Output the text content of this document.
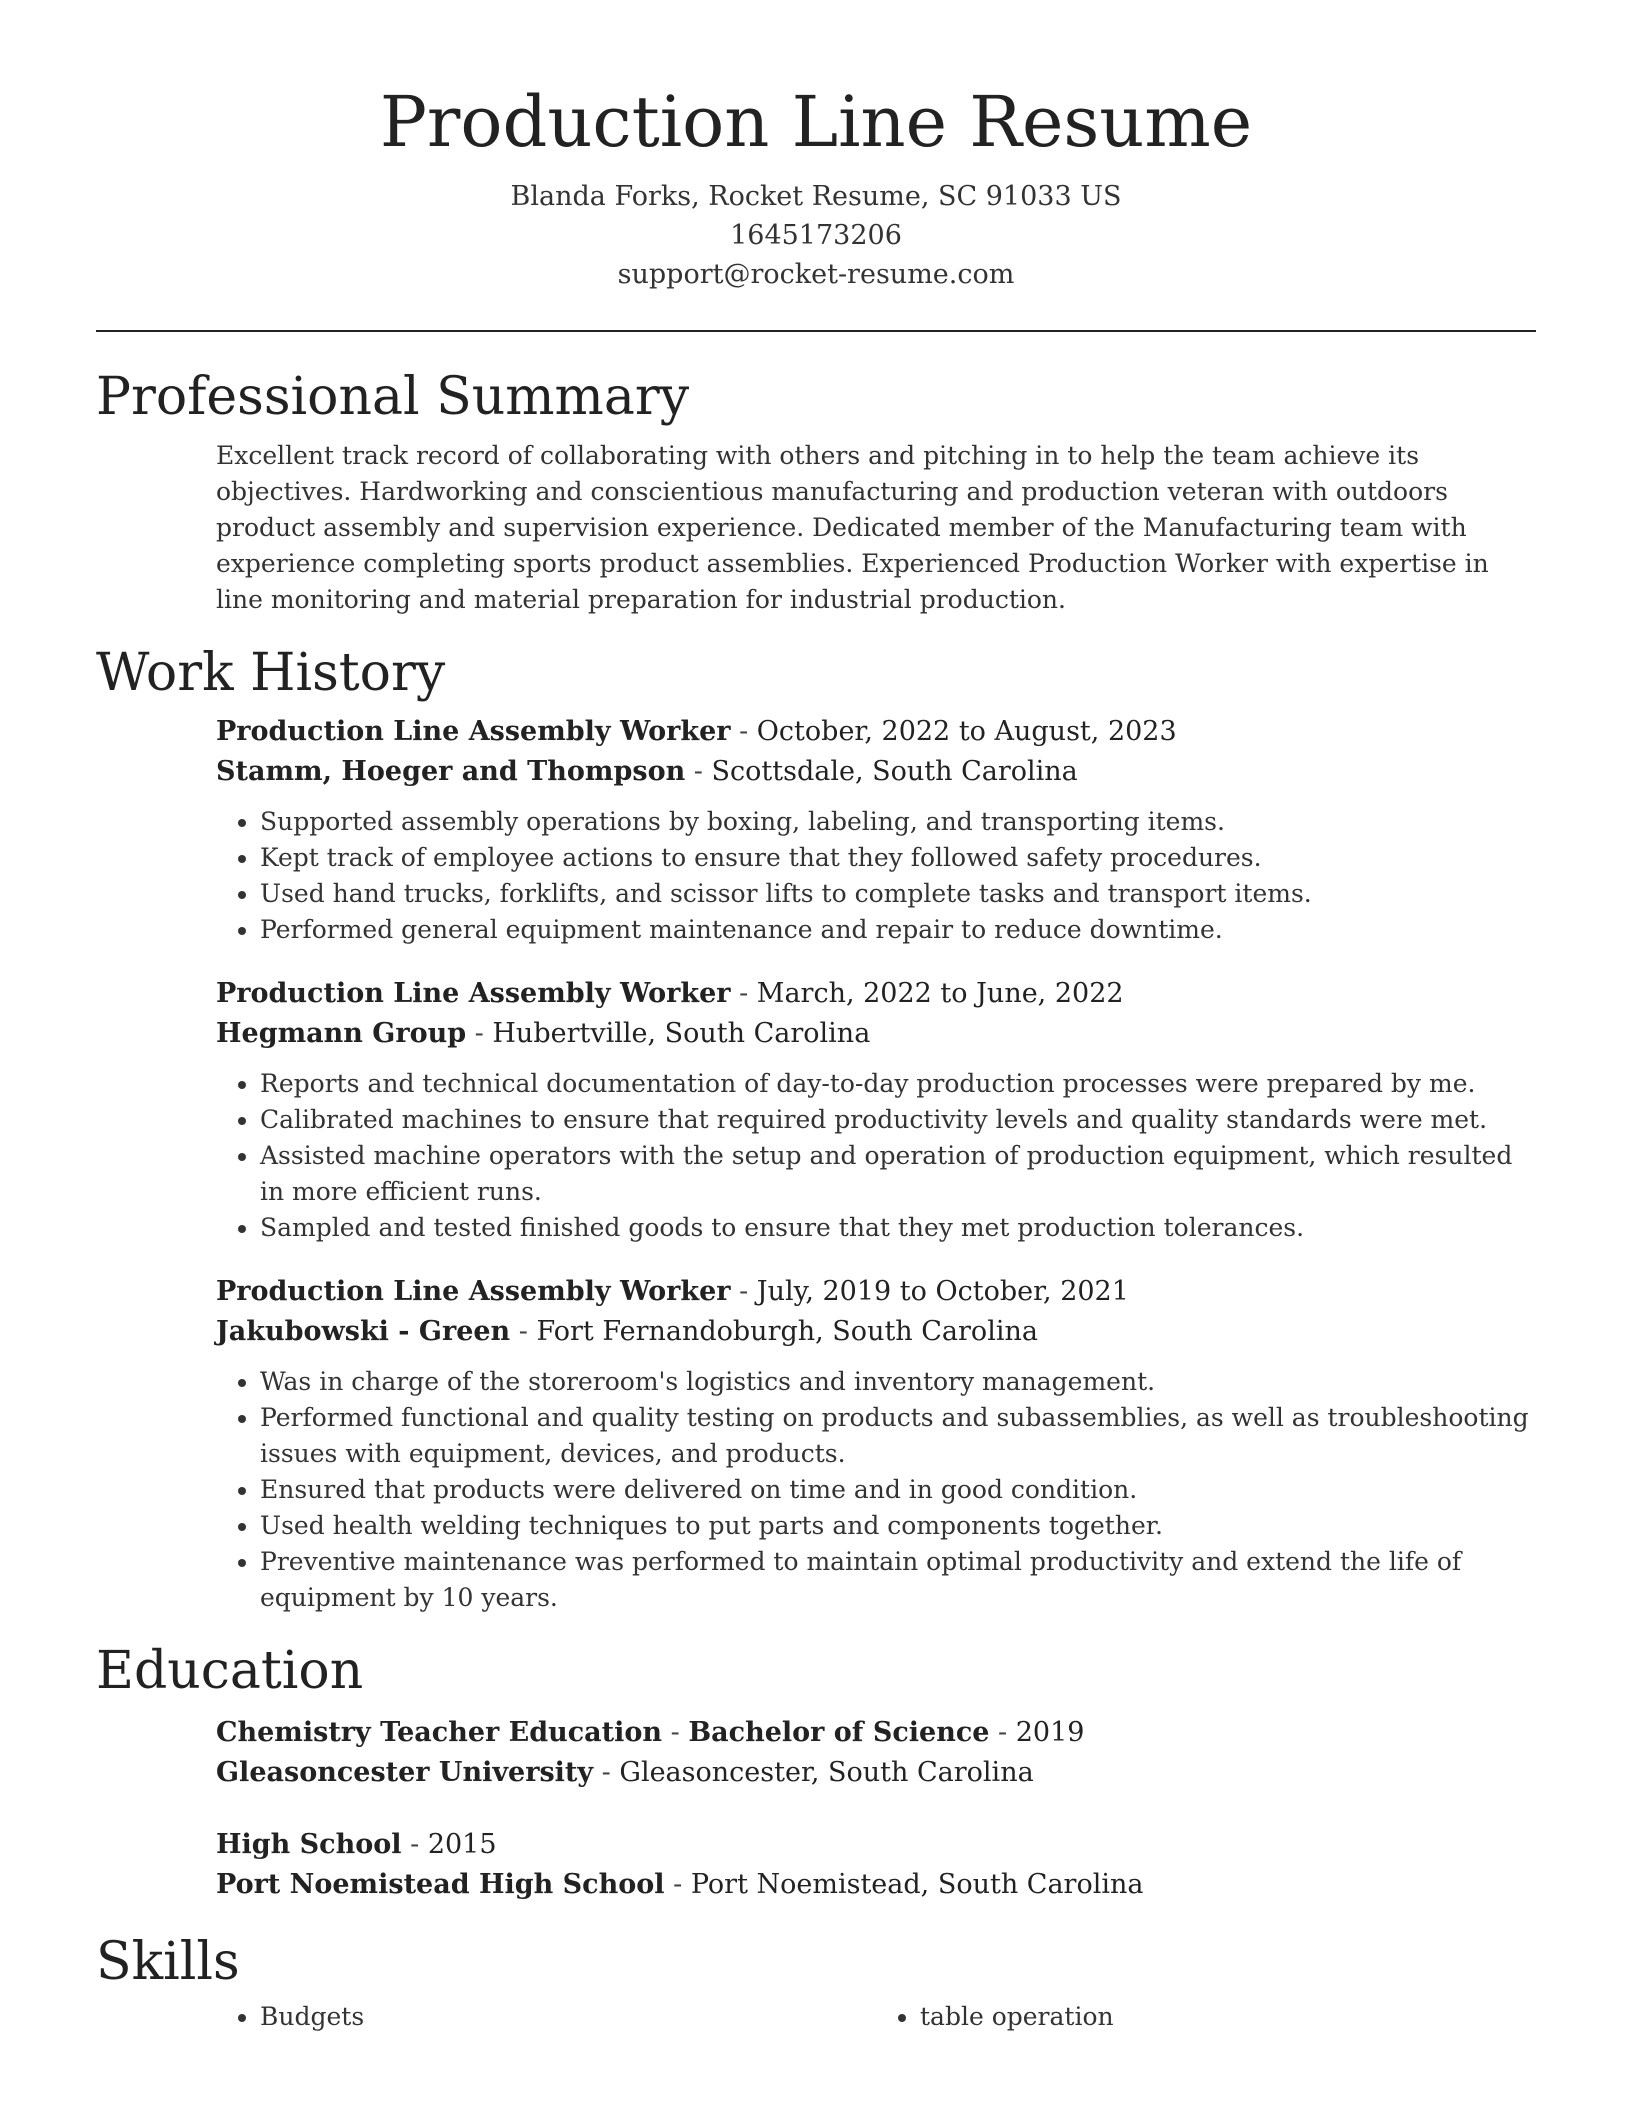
Production Line Resume
Blanda Forks, Rocket Resume, SC 91033 US
1645173206
support@rocket-resume.com
Professional Summary
Excellent track record of collaborating with others and pitching in to help the team achieve its objectives. Hardworking and conscientious manufacturing and production veteran with outdoors product assembly and supervision experience. Dedicated member of the Manufacturing team with experience completing sports product assemblies. Experienced Production Worker with expertise in line monitoring and material preparation for industrial production.
Work History
Production Line Assembly Worker - October, 2022 to August, 2023
Stamm, Hoeger and Thompson - Scottsdale, South Carolina
• Supported assembly operations by boxing, labeling, and transporting items.
• Kept track of employee actions to ensure that they followed safety procedures.
• Used hand trucks, forklifts, and scissor lifts to complete tasks and transport items.
• Performed general equipment maintenance and repair to reduce downtime.
Production Line Assembly Worker - March, 2022 to June, 2022
Hegmann Group - Hubertville, South Carolina
• Reports and technical documentation of day-to-day production processes were prepared by me.
• Calibrated machines to ensure that required productivity levels and quality standards were met.
• Assisted machine operators with the setup and operation of production equipment, which resulted in more efficient runs.
• Sampled and tested finished goods to ensure that they met production tolerances.
Production Line Assembly Worker - July, 2019 to October, 2021
Jakubowski - Green - Fort Fernandoburgh, South Carolina
• Was in charge of the storeroom's logistics and inventory management.
• Performed functional and quality testing on products and subassemblies, as well as troubleshooting issues with equipment, devices, and products.
• Ensured that products were delivered on time and in good condition.
• Used health welding techniques to put parts and components together.
• Preventive maintenance was performed to maintain optimal productivity and extend the life of equipment by 10 years.
Education
Chemistry Teacher Education - Bachelor of Science - 2019
Gleasoncester University - Gleasoncester, South Carolina
High School - 2015
Port Noemistead High School - Port Noemistead, South Carolina
Skills
• Budgets
•	table operation
